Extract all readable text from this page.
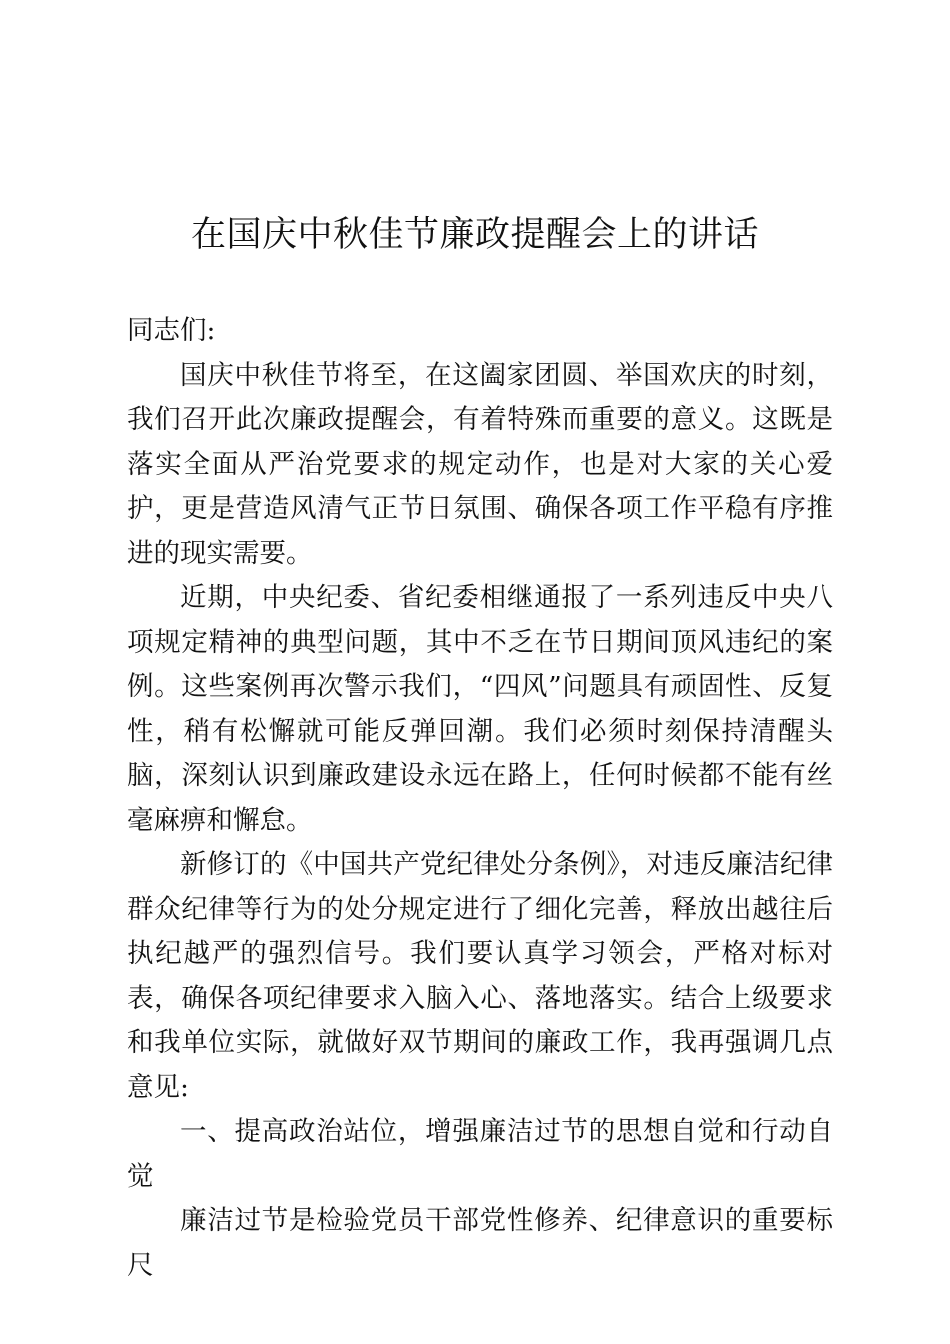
在国庆中秋佳节廉政提醒会上的讲话

同志们:

国庆中秋佳节将至，在这阖家团圆、举国欢庆的时刻，我们召开此次廉政提醒会，有着特殊而重要的意义。这既是落实全面从严治党要求的规定动作，也是对大家的关心爱护，更是营造风清气正节日氛围、确保各项工作平稳有序推进的现实需要。

近期，中央纪委、省纪委相继通报了一系列违反中央八项规定精神的典型问题，其中不乏在节日期间顶风违纪的案例。这些案例再次警示我们，“四风”问题具有顽固性、反复性，稍有松懈就可能反弹回潮。我们必须时刻保持清醒头脑，深刻认识到廉政建设永远在路上，任何时候都不能有丝毫麻痹和懈怠。

新修订的《中国共产党纪律处分条例》，对违反廉洁纪律群众纪律等行为的处分规定进行了细化完善，释放出越往后执纪越严的强烈信号。我们要认真学习领会，严格对标对表，确保各项纪律要求入脑入心、落地落实。结合上级要求和我单位实际，就做好双节期间的廉政工作，我再强调几点意见:

一、提高政治站位，增强廉洁过节的思想自觉和行动自觉

廉洁过节是检验党员干部党性修养、纪律意识的重要标尺
